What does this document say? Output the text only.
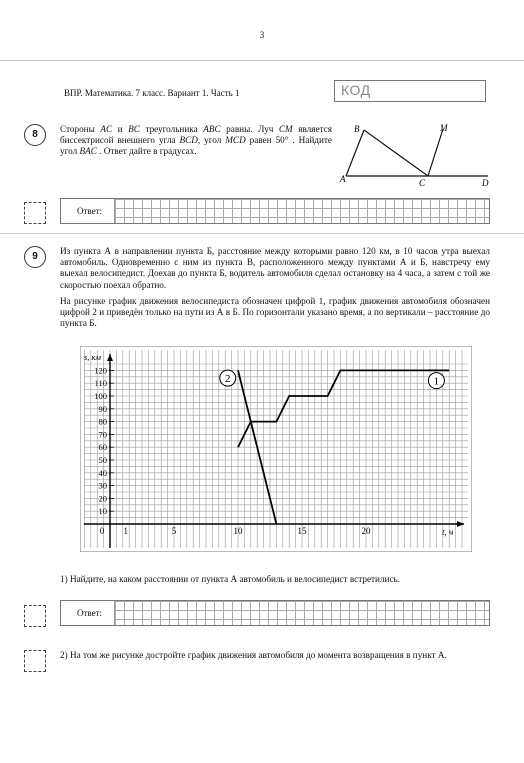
3
ВПР. Математика. 7 класс. Вариант 1. Часть 1	КОД
8	Стороны AC и BC треугольника ABC равны. Луч CM является биссектрисой внешнего угла BCD, угол MCD равен 50° . Найдите угол BAC . Ответ дайте в градусах.
A
B
C	D
M
Ответ:
9	Из пункта А в направлении пункта Б, расстояние между которыми равно 120 км, в 10 часов утра выехал автомобиль. Одновременно с ним из пункта В, расположенного между пунктами А и Б, навстречу ему выехал велосипедист. Доехав до пункта Б, водитель автомобиля сделал остановку на 4 часа, а затем с той же скоростью поехал обратно.
На рисунке график движения велосипедиста обозначен цифрой 1, график движения автомобиля обозначен цифрой 2 и приведён только на пути из А в Б. По горизонтали указано время, а по вертикали – расстояние до пункта Б.
10
20
30
40
50
60
70
80
90
100
110
120
1	5	10	15	20
0
s, км
t, ч
1
2
1) Найдите, на каком расстоянии от пункта А автомобиль и велосипедист встретились.
Ответ:
2) На том же рисунке достройте график движения автомобиля до момента возвращения в пункт А.
